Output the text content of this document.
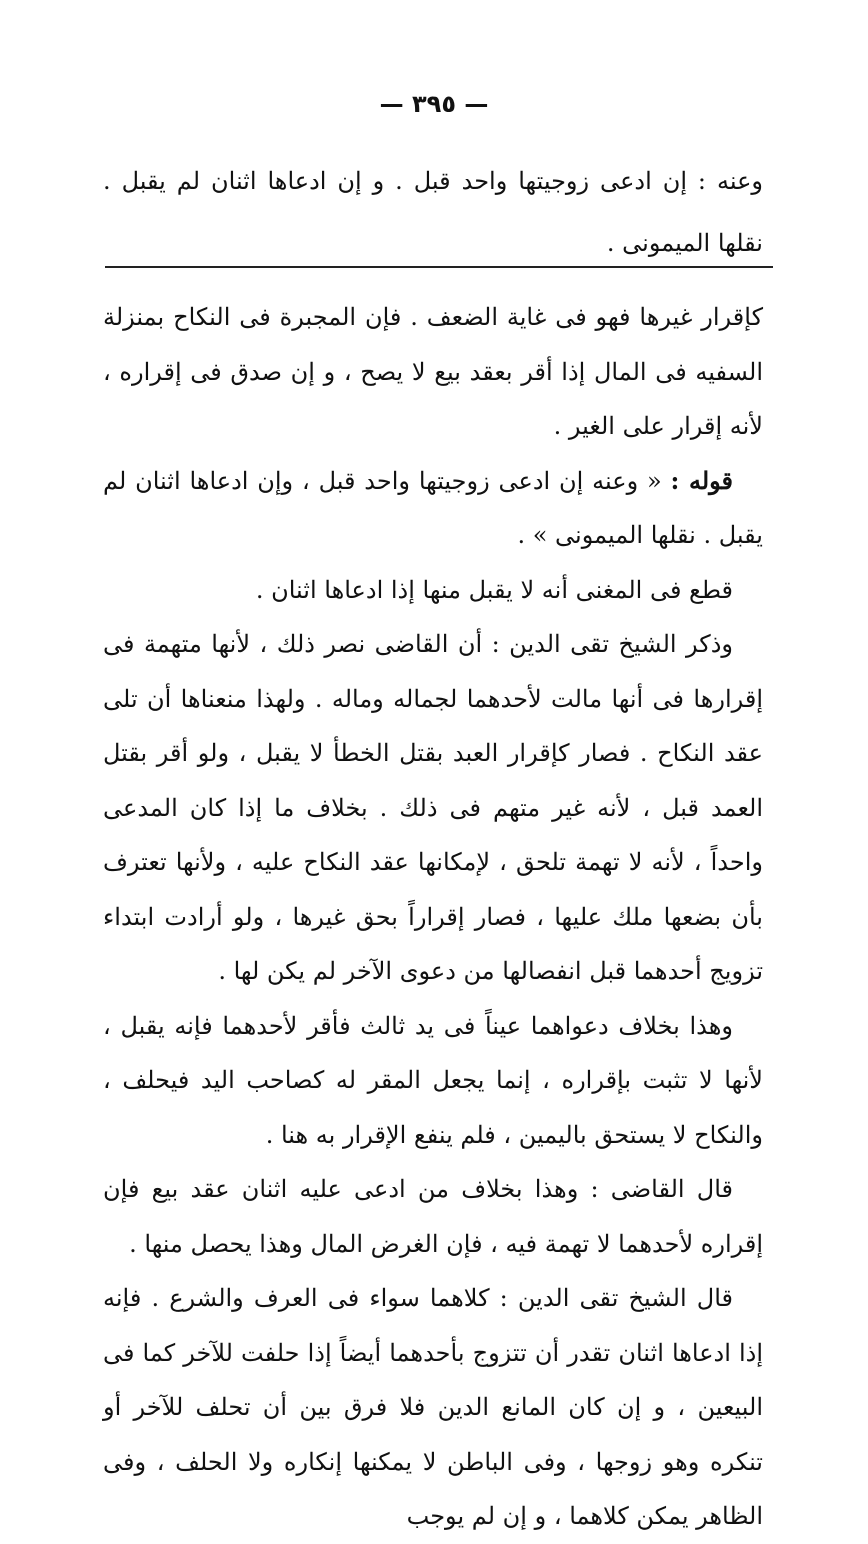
— ٣٩٥ —

وعنه : إن ادعى زوجيتها واحد قبل . و إن ادعاها اثنان لم يقبل . نقلها الميمونى .

كإقرار غيرها فهو فى غاية الضعف . فإن المجبرة فى النكاح بمنزلة السفيه فى المال إذا أقر بعقد بيع لا يصح ، و إن صدق فى إقراره ، لأنه إقرار على الغير .

قوله : « وعنه إن ادعى زوجيتها واحد قبل ، وإن ادعاها اثنان لم يقبل . نقلها الميمونى » .

قطع فى المغنى أنه لا يقبل منها إذا ادعاها اثنان .

وذكر الشيخ تقى الدين : أن القاضى نصر ذلك ، لأنها متهمة فى إقرارها فى أنها مالت لأحدهما لجماله وماله . ولهذا منعناها أن تلى عقد النكاح . فصار كإقرار العبد بقتل الخطأ لا يقبل ، ولو أقر بقتل العمد قبل ، لأنه غير متهم فى ذلك . بخلاف ما إذا كان المدعى واحداً ، لأنه لا تهمة تلحق ، لإمكانها عقد النكاح عليه ، ولأنها تعترف بأن بضعها ملك عليها ، فصار إقراراً بحق غيرها ، ولو أرادت ابتداء تزويج أحدهما قبل انفصالها من دعوى الآخر لم يكن لها .

وهذا بخلاف دعواهما عيناً فى يد ثالث فأقر لأحدهما فإنه يقبل ، لأنها لا تثبت بإقراره ، إنما يجعل المقر له كصاحب اليد فيحلف ، والنكاح لا يستحق باليمين ، فلم ينفع الإقرار به هنا .

قال القاضى : وهذا بخلاف من ادعى عليه اثنان عقد بيع فإن إقراره لأحدهما لا تهمة فيه ، فإن الغرض المال وهذا يحصل منها .

قال الشيخ تقى الدين : كلاهما سواء فى العرف والشرع . فإنه إذا ادعاها اثنان تقدر أن تتزوج بأحدهما أيضاً إذا حلفت للآخر كما فى البيعين ، و إن كان المانع الدين فلا فرق بين أن تحلف للآخر أو تنكره وهو زوجها ، وفى الباطن لا يمكنها إنكاره ولا الحلف ، وفى الظاهر يمكن كلاهما ، و إن لم يوجب
